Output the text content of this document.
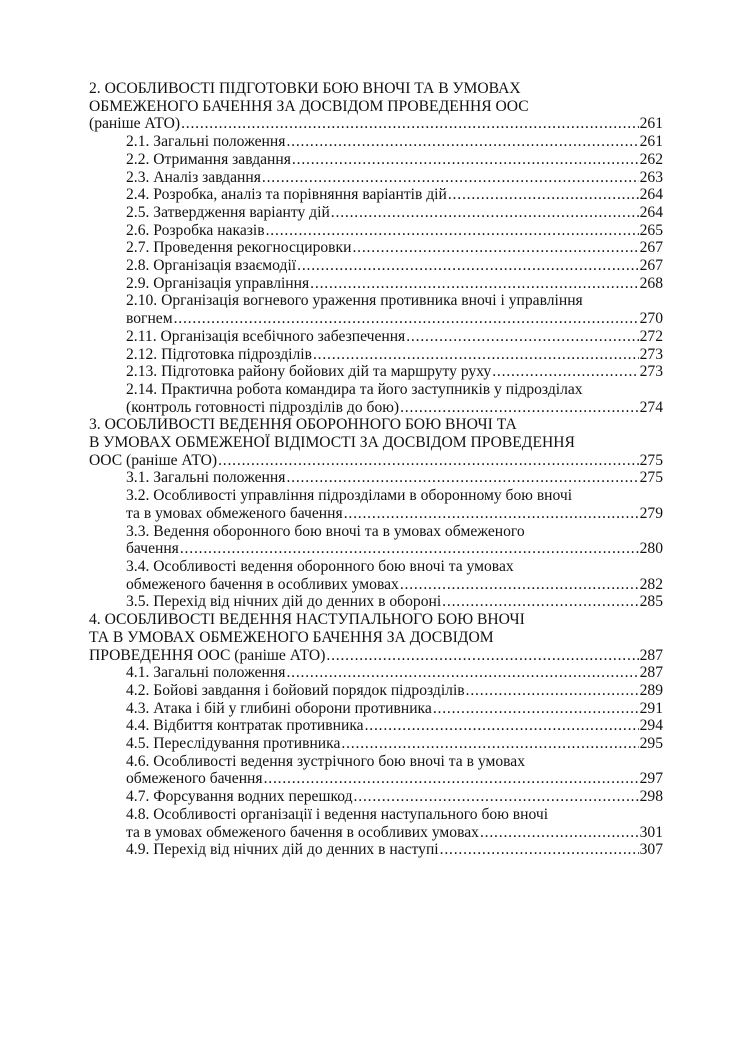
2. ОСОБЛИВОСТІ ПІДГОТОВКИ БОЮ ВНОЧІ ТА В УМОВАХ
ОБМЕЖЕНОГО БАЧЕННЯ ЗА ДОСВІДОМ ПРОВЕДЕННЯ ООС
(раніше АТО) . . .	261
2.1. Загальні положення . . .	261
2.2. Отримання завдання . . .	262
2.3. Аналіз завдання . . .	263
2.4. Розробка, аналіз та порівняння варіантів дій . . .	264
2.5. Затвердження варіанту дій . . .	264
2.6. Розробка наказів . . .	265
2.7. Проведення рекогносцировки . . .	267
2.8. Організація взаємодії . . .	267
2.9. Організація управління . . .	268
2.10. Організація вогневого ураження противника вночі і управління
вогнем . . .	270
2.11. Організація всебічного забезпечення . . .	272
2.12. Підготовка підрозділів . . .	273
2.13. Підготовка району бойових дій та маршруту руху . . .	273
2.14. Практична робота командира та його заступників у підрозділах
(контроль готовності підрозділів до бою) . . .	274
3. ОСОБЛИВОСТІ ВЕДЕННЯ ОБОРОННОГО БОЮ ВНОЧІ ТА
В УМОВАХ ОБМЕЖЕНОЇ ВІДІМОСТІ ЗА ДОСВІДОМ ПРОВЕДЕННЯ
ООС (раніше АТО) . . .	275
3.1. Загальні положення . . .	275
3.2. Особливості управління підрозділами в оборонному бою вночі
та в умовах обмеженого бачення . . .	279
3.3. Ведення оборонного бою вночі та в умовах обмеженого
бачення . . .	280
3.4. Особливості ведення оборонного бою вночі та умовах
обмеженого бачення в особливих умовах . . .	282
3.5. Перехід від нічних дій до денних в обороні . . .	285
4. ОСОБЛИВОСТІ ВЕДЕННЯ НАСТУПАЛЬНОГО БОЮ ВНОЧІ
ТА В УМОВАХ ОБМЕЖЕНОГО БАЧЕННЯ ЗА ДОСВІДОМ
ПРОВЕДЕННЯ ООС (раніше АТО) . . .	287
4.1. Загальні положення . . .	287
4.2. Бойові завдання і бойовий порядок підрозділів . . .	289
4.3. Атака і бій у глибині оборони противника . . .	291
4.4. Відбиття контратак противника . . .	294
4.5. Переслідування противника . . .	295
4.6. Особливості ведення зустрічного бою вночі та в умовах
обмеженого бачення . . .	297
4.7. Форсування водних перешкод . . .	298
4.8. Особливості організації і ведення наступального бою вночі
та в умовах обмеженого бачення в особливих умовах . . .	301
4.9. Перехід від нічних дій до денних в наступі . . .	307
